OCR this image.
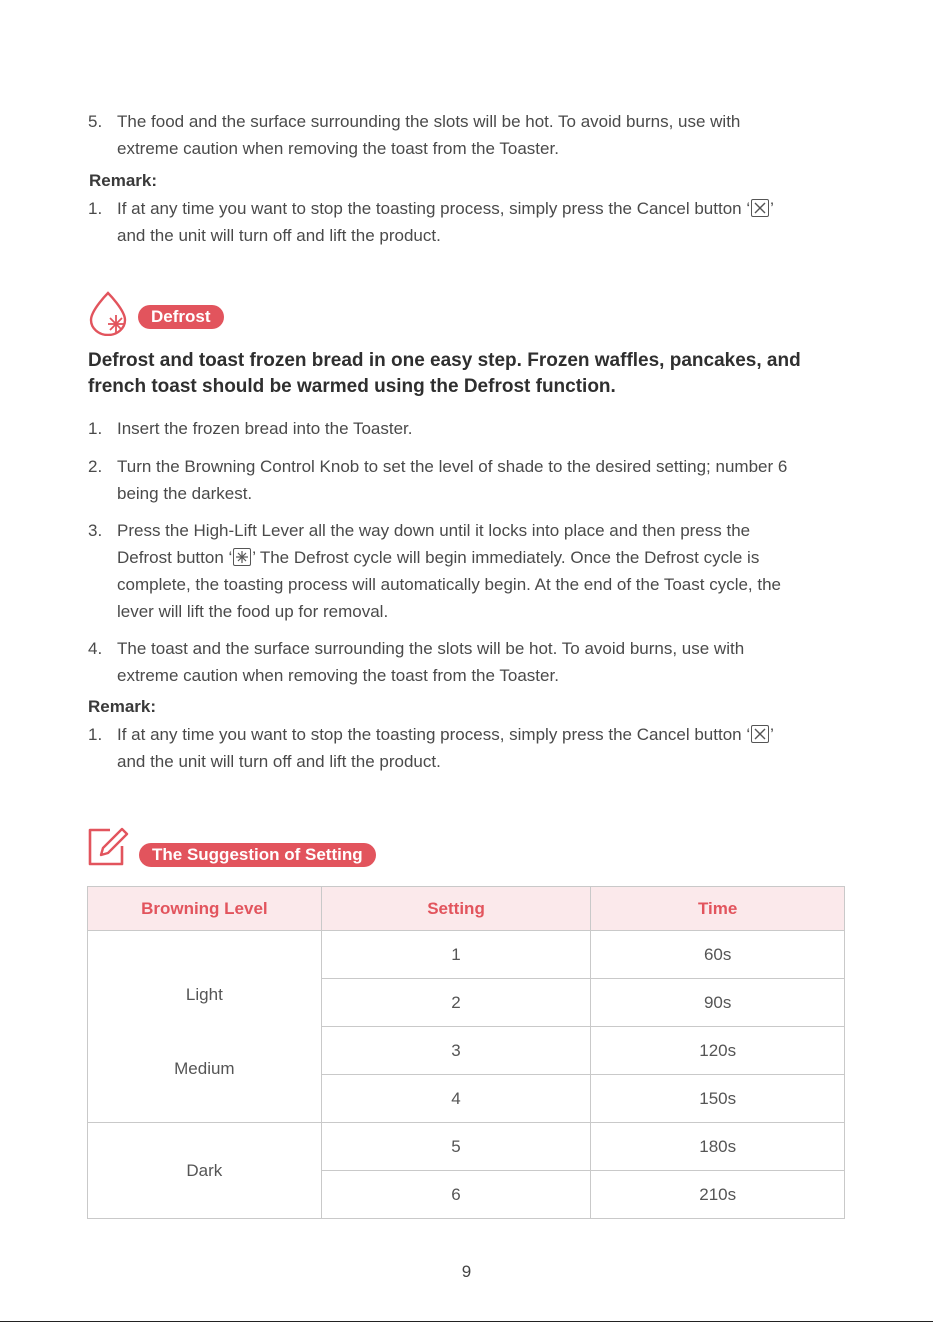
5. The food and the surface surrounding the slots will be hot. To avoid burns, use with
extreme caution when removing the toast from the Toaster.
Remark:
1. If at any time you want to stop the toasting process, simply press the Cancel button ‘ ’
and the unit will turn off and lift the product.
Defrost
Defrost and toast frozen bread in one easy step. Frozen waffles, pancakes, and
french toast should be warmed using the Defrost function.
1. Insert the frozen bread into the Toaster.
2. Turn the Browning Control Knob to set the level of shade to the desired setting; number 6
being the darkest.
3. Press the High-Lift Lever all the way down until it locks into place and then press the
Defrost button ‘ ’ The Defrost cycle will begin immediately. Once the Defrost cycle is
complete, the toasting process will automatically begin. At the end of the Toast cycle, the
lever will lift the food up for removal.
4. The toast and the surface surrounding the slots will be hot. To avoid burns, use with
extreme caution when removing the toast from the Toaster.
Remark:
1. If at any time you want to stop the toasting process, simply press the Cancel button ‘ ’
and the unit will turn off and lift the product.
The Suggestion of Setting
Browning Level	Setting	Time
Light	1	60s
	2	90s
Medium	3	120s
	4	150s
Dark	5	180s
	6	210s
9
